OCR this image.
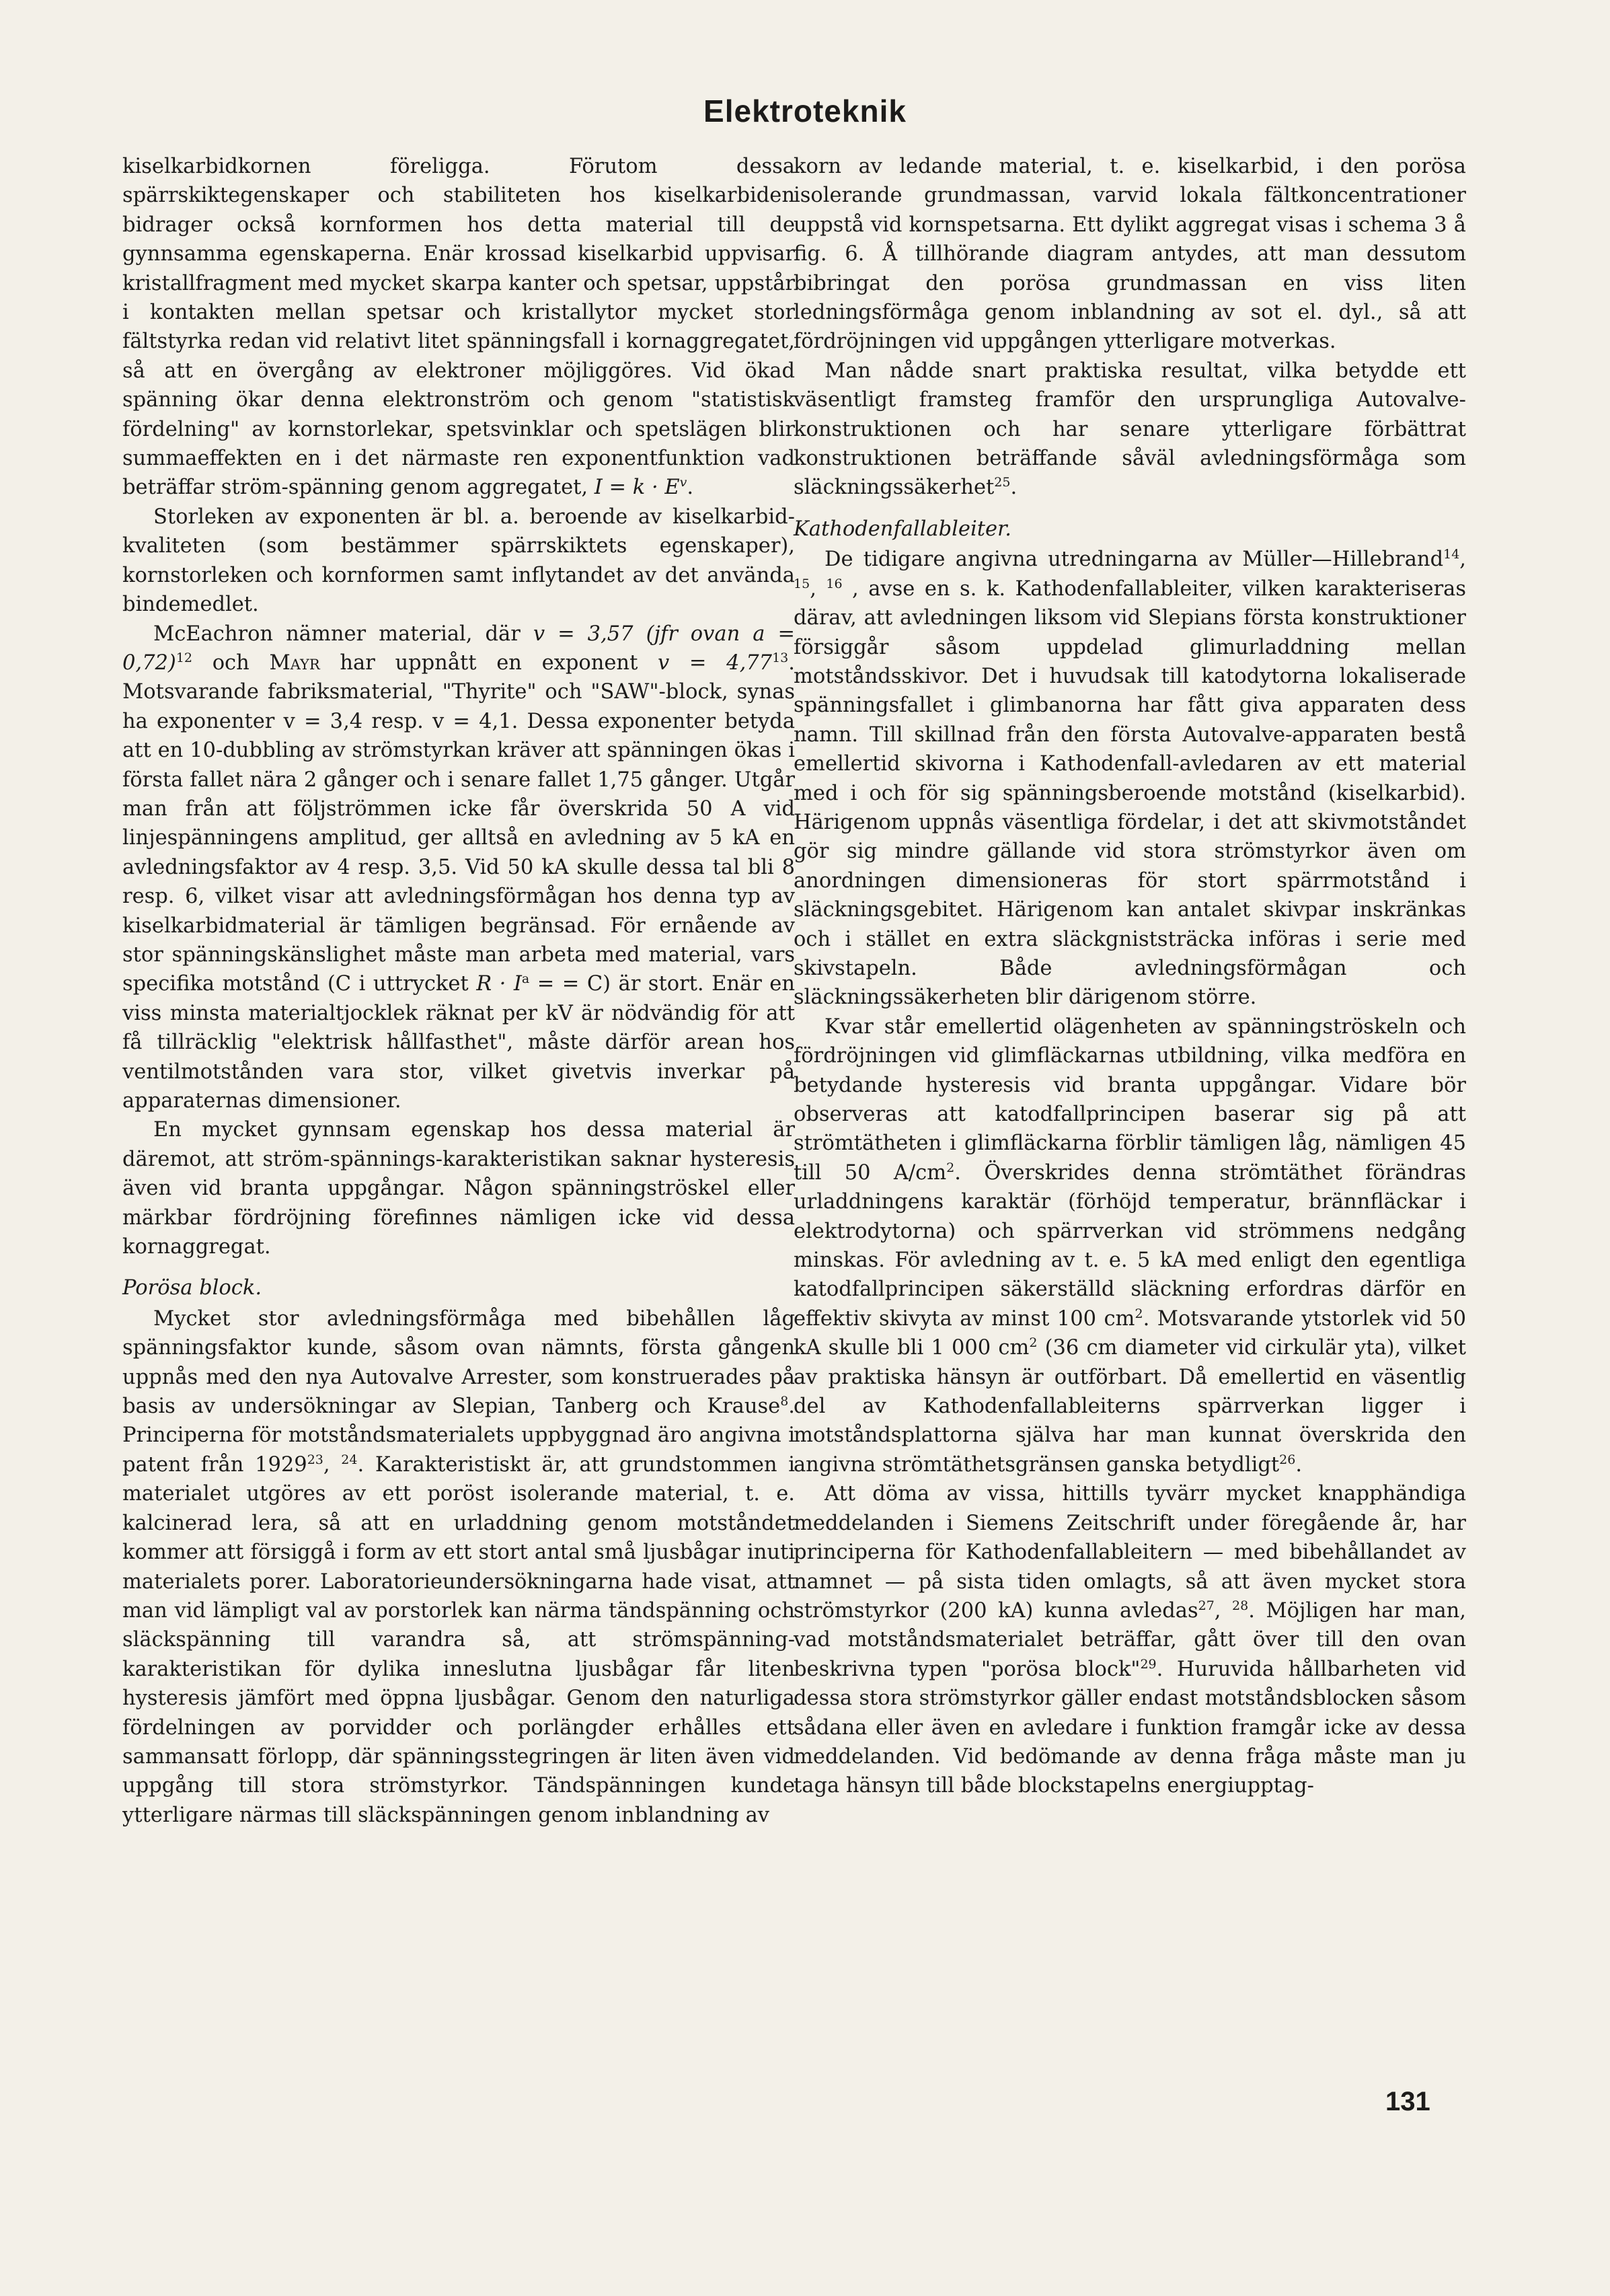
Elektroteknik

kiselkarbidkornen föreligga. Förutom dessa spärrskiktegenskaper och stabiliteten hos kiselkarbiden bidrager också kornformen hos detta material till de gynnsamma egenskaperna. Enär krossad kiselkarbid uppvisar kristallfragment med mycket skarpa kanter och spetsar, uppstår i kontakten mellan spetsar och kristallytor mycket stor fältstyrka redan vid relativt litet spänningsfall i kornaggregatet, så att en övergång av elektroner möjliggöres. Vid ökad spänning ökar denna elektronström och genom "statistisk fördelning" av kornstorlekar, spetsvinklar och spetslägen blir summaeffekten en i det närmaste ren exponentfunktion vad beträffar ström-spänning genom aggregatet, $I = k \cdot E^v$.

Storleken av exponenten är bl. a. beroende av kiselkarbid-kvaliteten (som bestämmer spärrskiktets egenskaper), kornstorleken och kornformen samt inflytandet av det använda bindemedlet.

McEachron nämner material, där v = 3,57 (jfr ovan a = 0,72)$^{12}$ och Mayr har uppnått en exponent $v = 4,77^{13}$. Motsvarande fabriksmaterial, "Thyrite" och "SAW"-block, synas ha exponenter v = 3,4 resp. v = 4,1. Dessa exponenter betyda att en 10-dubbling av strömstyrkan kräver att spänningen ökas i första fallet nära 2 gånger och i senare fallet 1,75 gånger. Utgår man från att följströmmen icke får överskrida 50 A vid linjespänningens amplitud, ger alltså en avledning av 5 kA en avledningsfaktor av 4 resp. 3,5. Vid 50 kA skulle dessa tal bli 8 resp. 6, vilket visar att avledningsförmågan hos denna typ av kiselkarbidmaterial är tämligen begränsad. För ernående av stor spänningskänslighet måste man arbeta med material, vars specifika motstånd (C i uttrycket $R \cdot I^a$ = = C) är stort. Enär en viss minsta materialtjocklek räknat per kV är nödvändig för att få tillräcklig "elektrisk hållfasthet", måste därför arean hos ventilmotstånden vara stor, vilket givetvis inverkar på apparaternas dimensioner.

En mycket gynnsam egenskap hos dessa material är däremot, att ström-spännings-karakteristikan saknar hysteresis även vid branta uppgångar. Någon spänningströskel eller märkbar fördröjning förefinnes nämligen icke vid dessa kornaggregat.

Porösa block.

Mycket stor avledningsförmåga med bibehållen låg spänningsfaktor kunde, såsom ovan nämnts, första gången uppnås med den nya Autovalve Arrester, som konstruerades på basis av undersökningar av Slepian, Tanberg och Krause$^8$. Principerna för motståndsmaterialets uppbyggnad äro angivna i patent från 1929$^{23}$, $^{24}$. Karakteristiskt är, att grundstommen i materialet utgöres av ett poröst isolerande material, t. e. kalcinerad lera, så att en urladdning genom motståndet kommer att försiggå i form av ett stort antal små ljusbågar inuti materialets porer. Laboratorieundersökningarna hade visat, att man vid lämpligt val av porstorlek kan närma tändspänning och släckspänning till varandra så, att strömspänning-karakteristikan för dylika inneslutna ljusbågar får liten hysteresis jämfört med öppna ljusbågar. Genom den naturliga fördelningen av porvidder och porlängder erhålles ett sammansatt förlopp, där spänningsstegringen är liten även vid uppgång till stora strömstyrkor. Tändspänningen kunde ytterligare närmas till släckspänningen genom inblandning av

korn av ledande material, t. e. kiselkarbid, i den porösa isolerande grundmassan, varvid lokala fältkoncentrationer uppstå vid kornspetsarna. Ett dylikt aggregat visas i schema 3 å fig. 6. Å tillhörande diagram antydes, att man dessutom bibringat den porösa grundmassan en viss liten ledningsförmåga genom inblandning av sot el. dyl., så att fördröjningen vid uppgången ytterligare motverkas.

Man nådde snart praktiska resultat, vilka betydde ett väsentligt framsteg framför den ursprungliga Autovalve-konstruktionen och har senare ytterligare förbättrat konstruktionen beträffande såväl avledningsförmåga som släckningssäkerhet$^{25}$.

Kathodenfallableiter.

De tidigare angivna utredningarna av Müller—Hillebrand$^{14}$, $^{15}$, $^{16}$ , avse en s. k. Kathodenfallableiter, vilken karakteriseras därav, att avledningen liksom vid Slepians första konstruktioner försiggår såsom uppdelad glimurladdning mellan motståndsskivor. Det i huvudsak till katodytorna lokaliserade spänningsfallet i glimbanorna har fått giva apparaten dess namn. Till skillnad från den första Autovalve-apparaten bestå emellertid skivorna i Kathodenfall-avledaren av ett material med i och för sig spänningsberoende motstånd (kiselkarbid). Härigenom uppnås väsentliga fördelar, i det att skivmotståndet gör sig mindre gällande vid stora strömstyrkor även om anordningen dimensioneras för stort spärrmotstånd i släckningsgebitet. Härigenom kan antalet skivpar inskränkas och i stället en extra släckgniststräcka införas i serie med skivstapeln. Både avledningsförmågan och släckningssäkerheten blir därigenom större.

Kvar står emellertid olägenheten av spänningströskeln och fördröjningen vid glimfläckarnas utbildning, vilka medföra en betydande hysteresis vid branta uppgångar. Vidare bör observeras att katodfallprincipen baserar sig på att strömtätheten i glimfläckarna förblir tämligen låg, nämligen 45 till 50 $A/cm^2$. Överskrides denna strömtäthet förändras urladdningens karaktär (förhöjd temperatur, brännfläckar i elektrodytorna) och spärrverkan vid strömmens nedgång minskas. För avledning av t. e. 5 kA med enligt den egentliga katodfallprincipen säkerställd släckning erfordras därför en effektiv skivyta av minst 100 $cm^2$. Motsvarande ytstorlek vid 50 kA skulle bli 1 000 $cm^2$ (36 cm diameter vid cirkulär yta), vilket av praktiska hänsyn är outförbart. Då emellertid en väsentlig del av Kathodenfallableiterns spärrverkan ligger i motståndsplattorna själva har man kunnat överskrida den angivna strömtäthetsgränsen ganska betydligt$^{26}$.

Att döma av vissa, hittills tyvärr mycket knapphändiga meddelanden i Siemens Zeitschrift under föregående år, har principerna för Kathodenfallableitern — med bibehållandet av namnet — på sista tiden omlagts, så att även mycket stora strömstyrkor (200 kA) kunna avledas$^{27}$, $^{28}$. Möjligen har man, vad motståndsmaterialet beträffar, gått över till den ovan beskrivna typen "porösa block"$^{29}$. Huruvida hållbarheten vid dessa stora strömstyrkor gäller endast motståndsblocken såsom sådana eller även en avledare i funktion framgår icke av dessa meddelanden. Vid bedömande av denna fråga måste man ju taga hänsyn till både blockstapelns energiupptag-

131
